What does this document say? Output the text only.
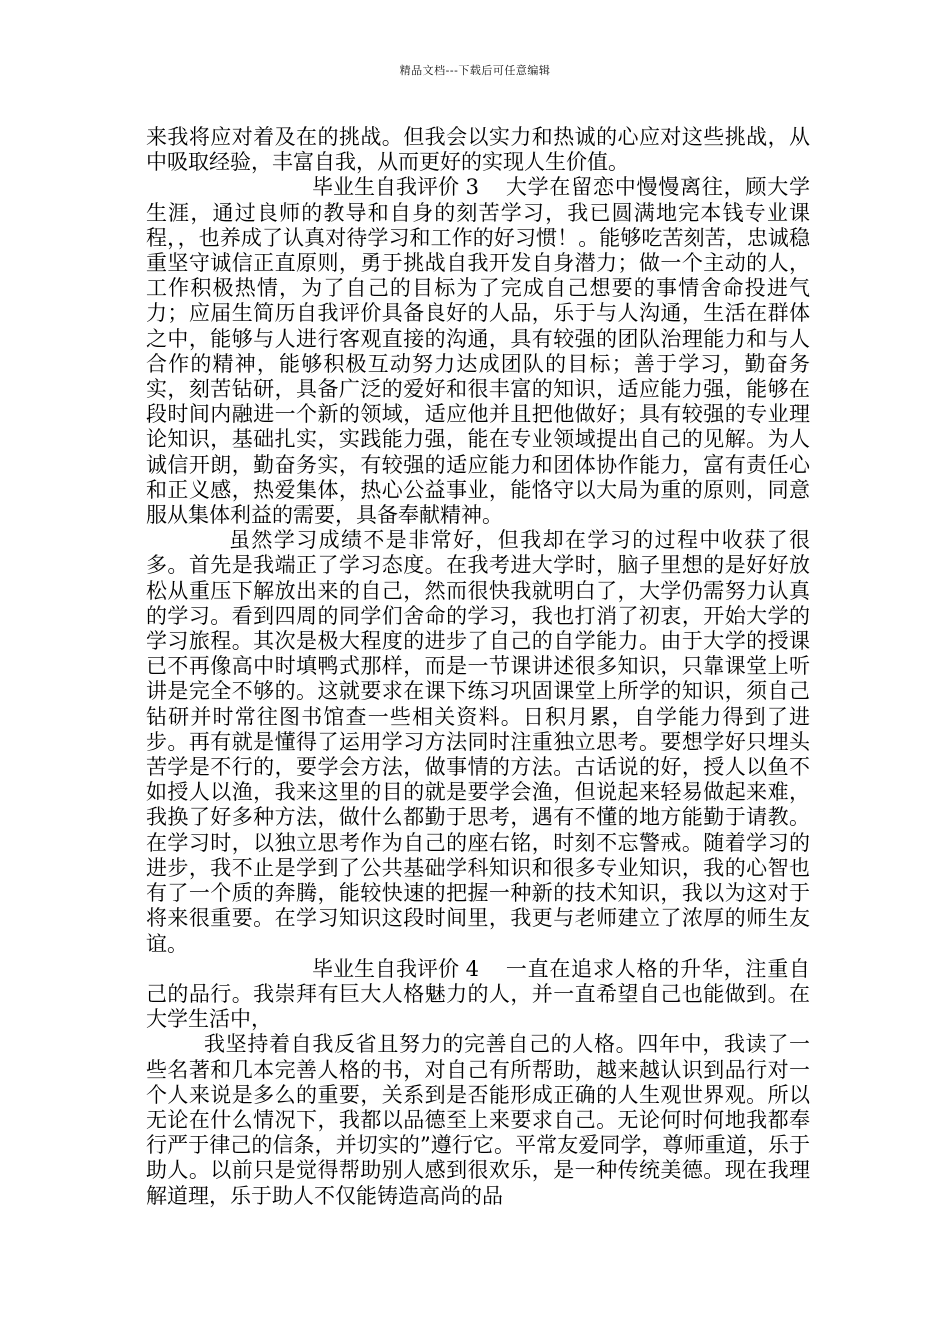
精品文档---下载后可任意编辑

来我将应对着及在的挑战。但我会以实力和热诚的心应对这些挑战，从中吸取经验，丰富自我，从而更好的实现人生价值。

毕业生自我评价 3 大学在留恋中慢慢离往，顾大学生涯，通过良师的教导和自身的刻苦学习，我已圆满地完本钱专业课程，，也养成了认真对待学习和工作的好习惯！。能够吃苦刻苦，忠诚稳重坚守诚信正直原则，勇于挑战自我开发自身潜力；做一个主动的人，工作积极热情，为了自己的目标为了完成自己想要的事情舍命投进气力；应届生简历自我评价具备良好的人品，乐于与人沟通，生活在群体之中，能够与人进行客观直接的沟通，具有较强的团队治理能力和与人合作的精神，能够积极互动努力达成团队的目标；善于学习，勤奋务实，刻苦钻研，具备广泛的爱好和很丰富的知识，适应能力强，能够在段时间内融进一个新的领域，适应他并且把他做好；具有较强的专业理论知识，基础扎实，实践能力强，能在专业领域提出自己的见解。为人诚信开朗，勤奋务实，有较强的适应能力和团体协作能力，富有责任心和正义感，热爱集体，热心公益事业，能恪守以大局为重的原则，同意服从集体利益的需要，具备奉献精神。

虽然学习成绩不是非常好，但我却在学习的过程中收获了很多。首先是我端正了学习态度。在我考进大学时，脑子里想的是好好放松从重压下解放出来的自己，然而很快我就明白了，大学仍需努力认真的学习。看到四周的同学们舍命的学习，我也打消了初衷，开始大学的学习旅程。其次是极大程度的进步了自己的自学能力。由于大学的授课已不再像高中时填鸭式那样，而是一节课讲述很多知识，只靠课堂上听讲是完全不够的。这就要求在课下练习巩固课堂上所学的知识，须自己钻研并时常往图书馆查一些相关资料。日积月累，自学能力得到了进步。再有就是懂得了运用学习方法同时注重独立思考。要想学好只埋头苦学是不行的，要学会方法，做事情的方法。古话说的好，授人以鱼不如授人以渔，我来这里的目的就是要学会渔，但说起来轻易做起来难，我换了好多种方法，做什么都勤于思考，遇有不懂的地方能勤于请教。在学习时，以独立思考作为自己的座右铭，时刻不忘警戒。随着学习的进步，我不止是学到了公共基础学科知识和很多专业知识，我的心智也有了一个质的奔腾，能较快速的把握一种新的技术知识，我以为这对于将来很重要。在学习知识这段时间里，我更与老师建立了浓厚的师生友谊。

毕业生自我评价 4 一直在追求人格的升华，注重自己的品行。我崇拜有巨大人格魅力的人，并一直希望自己也能做到。在大学生活中，

我坚持着自我反省且努力的完善自己的人格。四年中，我读了一些名著和几本完善人格的书，对自己有所帮助，越来越认识到品行对一个人来说是多么的重要，关系到是否能形成正确的人生观世界观。所以无论在什么情况下，我都以品德至上来要求自己。无论何时何地我都奉行严于律己的信条，并切实的”遵行它。平常友爱同学，尊师重道，乐于助人。以前只是觉得帮助别人感到很欢乐，是一种传统美德。现在我理解道理，乐于助人不仅能铸造高尚的品
